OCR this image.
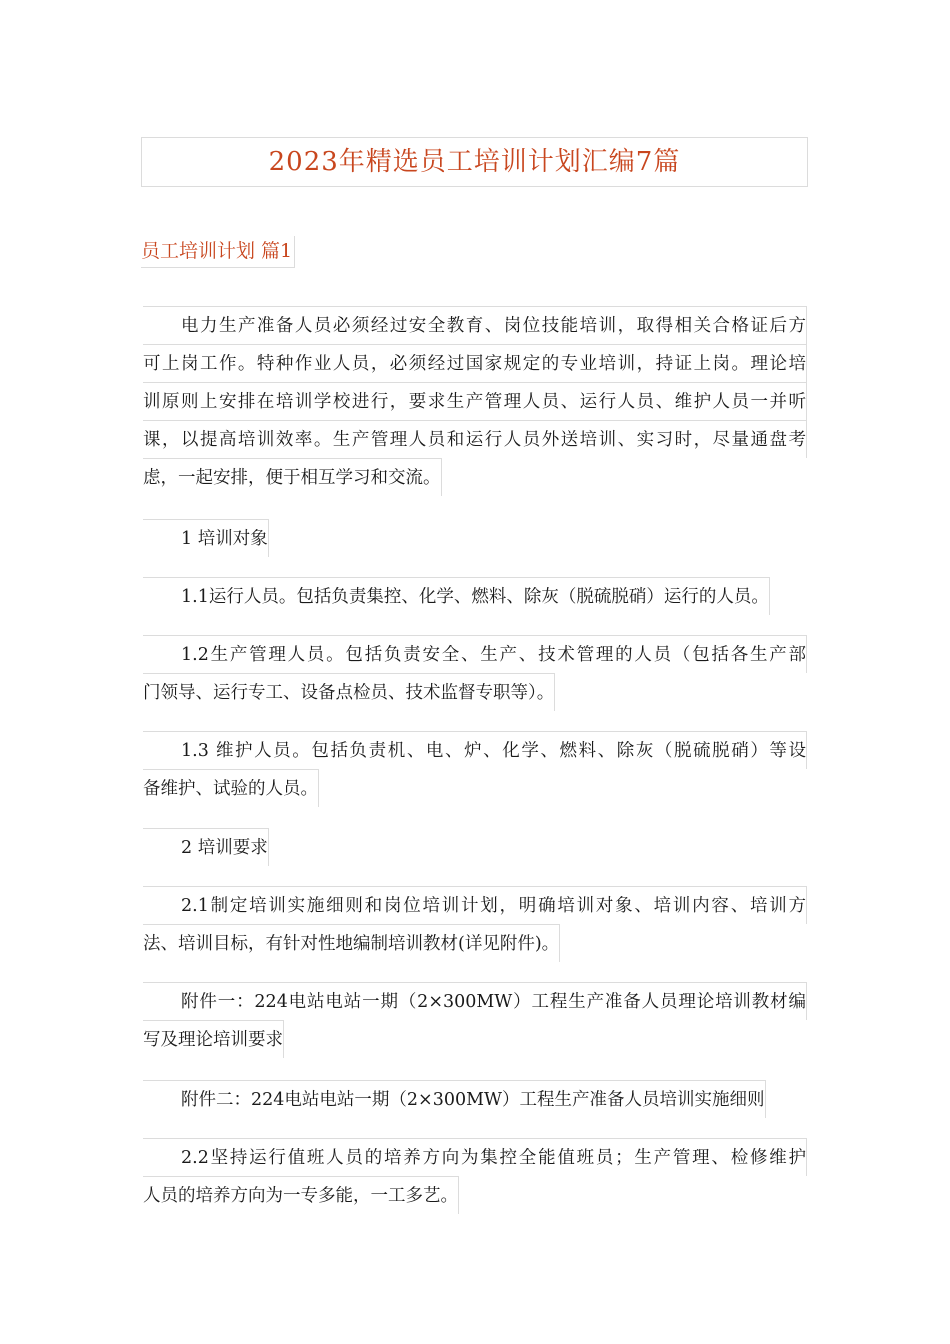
2023年精选员工培训计划汇编7篇
员工培训计划 篇1
电力生产准备人员必须经过安全教育、岗位技能培训，取得相关合格证后方
可上岗工作。特种作业人员，必须经过国家规定的专业培训，持证上岗。理论培
训原则上安排在培训学校进行，要求生产管理人员、运行人员、维护人员一并听
课，以提高培训效率。生产管理人员和运行人员外送培训、实习时，尽量通盘考
虑，一起安排，便于相互学习和交流。
1 培训对象
1.1运行人员。包括负责集控、化学、燃料、除灰（脱硫脱硝）运行的人员。
1.2生产管理人员。包括负责安全、生产、技术管理的人员（包括各生产部
门领导、运行专工、设备点检员、技术监督专职等）。
1.3 维护人员。包括负责机、电、炉、化学、燃料、除灰（脱硫脱硝）等设
备维护、试验的人员。
2 培训要求
2.1制定培训实施细则和岗位培训计划，明确培训对象、培训内容、培训方
法、培训目标，有针对性地编制培训教材(详见附件)。
附件一：224电站电站一期（2×300MW）工程生产准备人员理论培训教材编
写及理论培训要求
附件二：224电站电站一期（2×300MW）工程生产准备人员培训实施细则
2.2坚持运行值班人员的培养方向为集控全能值班员；生产管理、检修维护
人员的培养方向为一专多能，一工多艺。
